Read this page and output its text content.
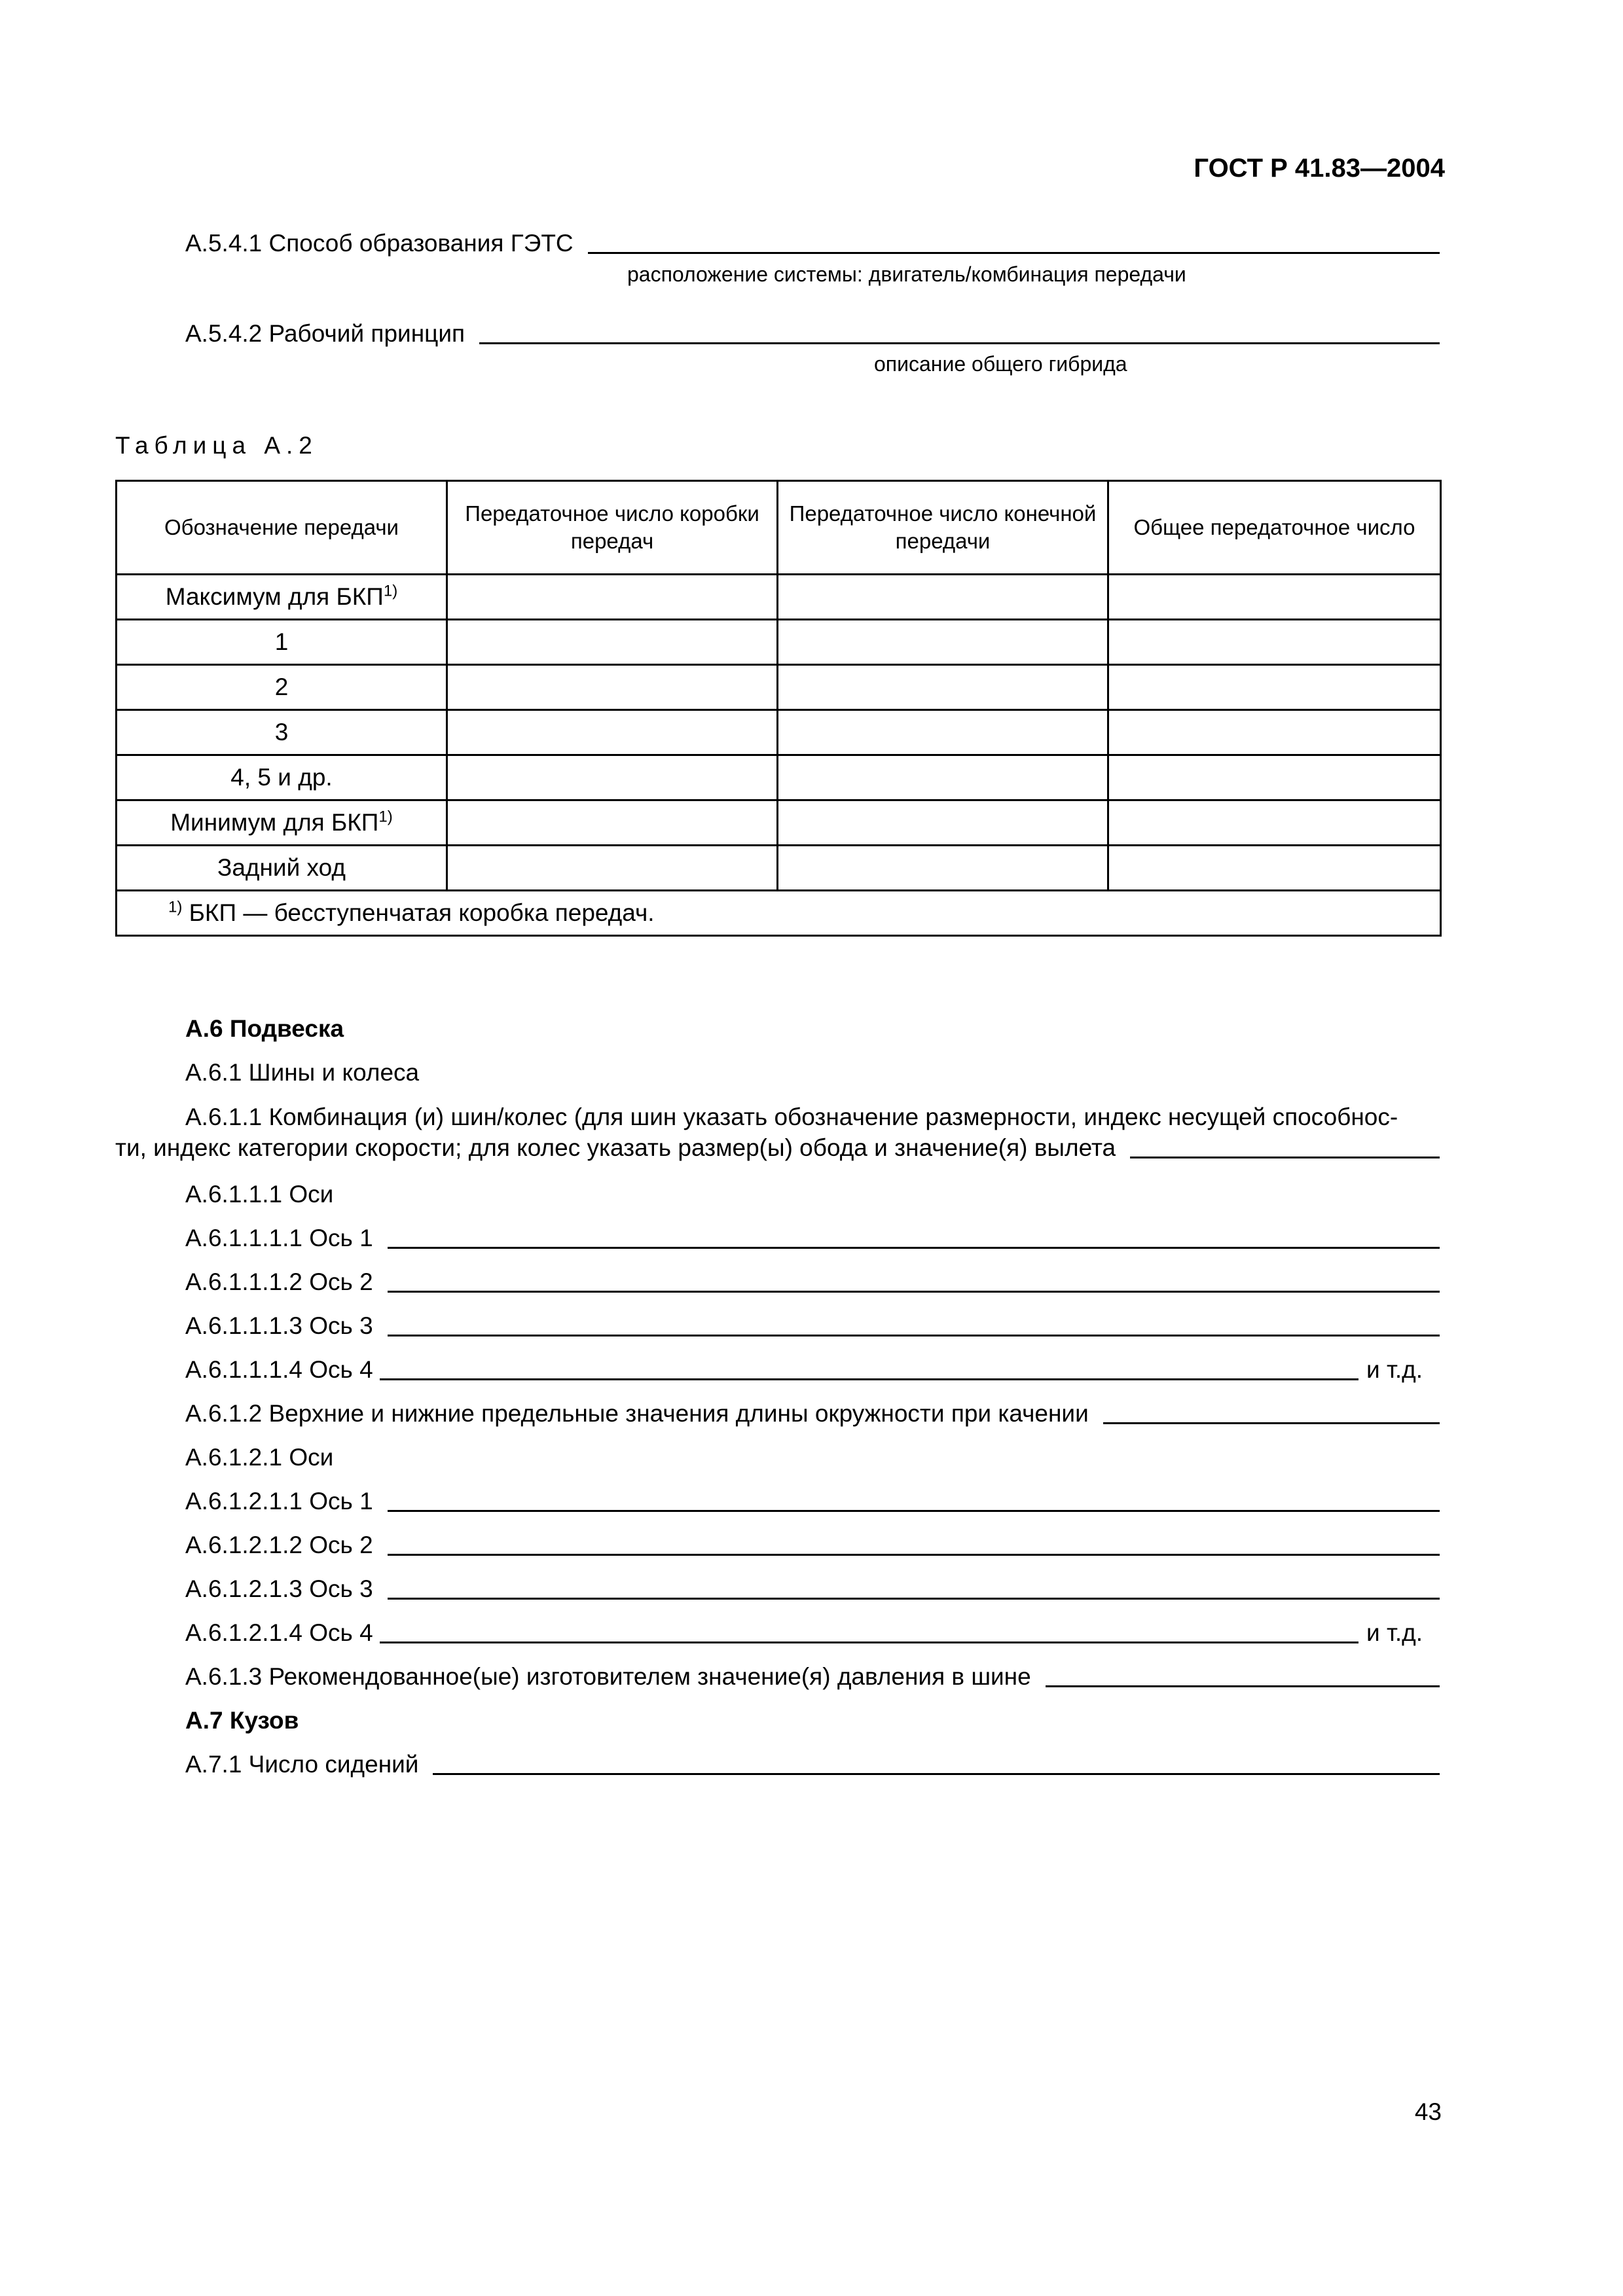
ГОСТ Р 41.83—2004
А.5.4.1 Способ образования ГЭТС
расположение системы: двигатель/комбинация передачи
А.5.4.2 Рабочий принцип
описание общего гибрида
Таблица А.2
Обозначение передачи	Передаточное число коробки передач	Передаточное число конечной передачи	Общее передаточное число
Максимум для БКП$^{1)}$			
1			
2			
3			
4, 5 и др.			
Минимум для БКП$^{1)}$			
Задний ход			
$^{1)}$ БКП — бесступенчатая коробка передач.			
А.6 Подвеска
А.6.1 Шины и колеса
А.6.1.1 Комбинация (и) шин/колес (для шин указать обозначение размерности, индекс несущей способнос-
ти, индекс категории скорости; для колес указать размер(ы) обода и значение(я) вылета
А.6.1.1.1 Оси
А.6.1.1.1.1 Ось 1
А.6.1.1.1.2 Ось 2
А.6.1.1.1.3 Ось 3
А.6.1.1.1.4 Ось 4	и т.д.
А.6.1.2 Верхние и нижние предельные значения длины окружности при качении
А.6.1.2.1 Оси
А.6.1.2.1.1 Ось 1
А.6.1.2.1.2 Ось 2
А.6.1.2.1.3 Ось 3
А.6.1.2.1.4 Ось 4	и т.д.
А.6.1.3 Рекомендованное(ые) изготовителем значение(я) давления в шине
А.7 Кузов
А.7.1 Число сидений
43
